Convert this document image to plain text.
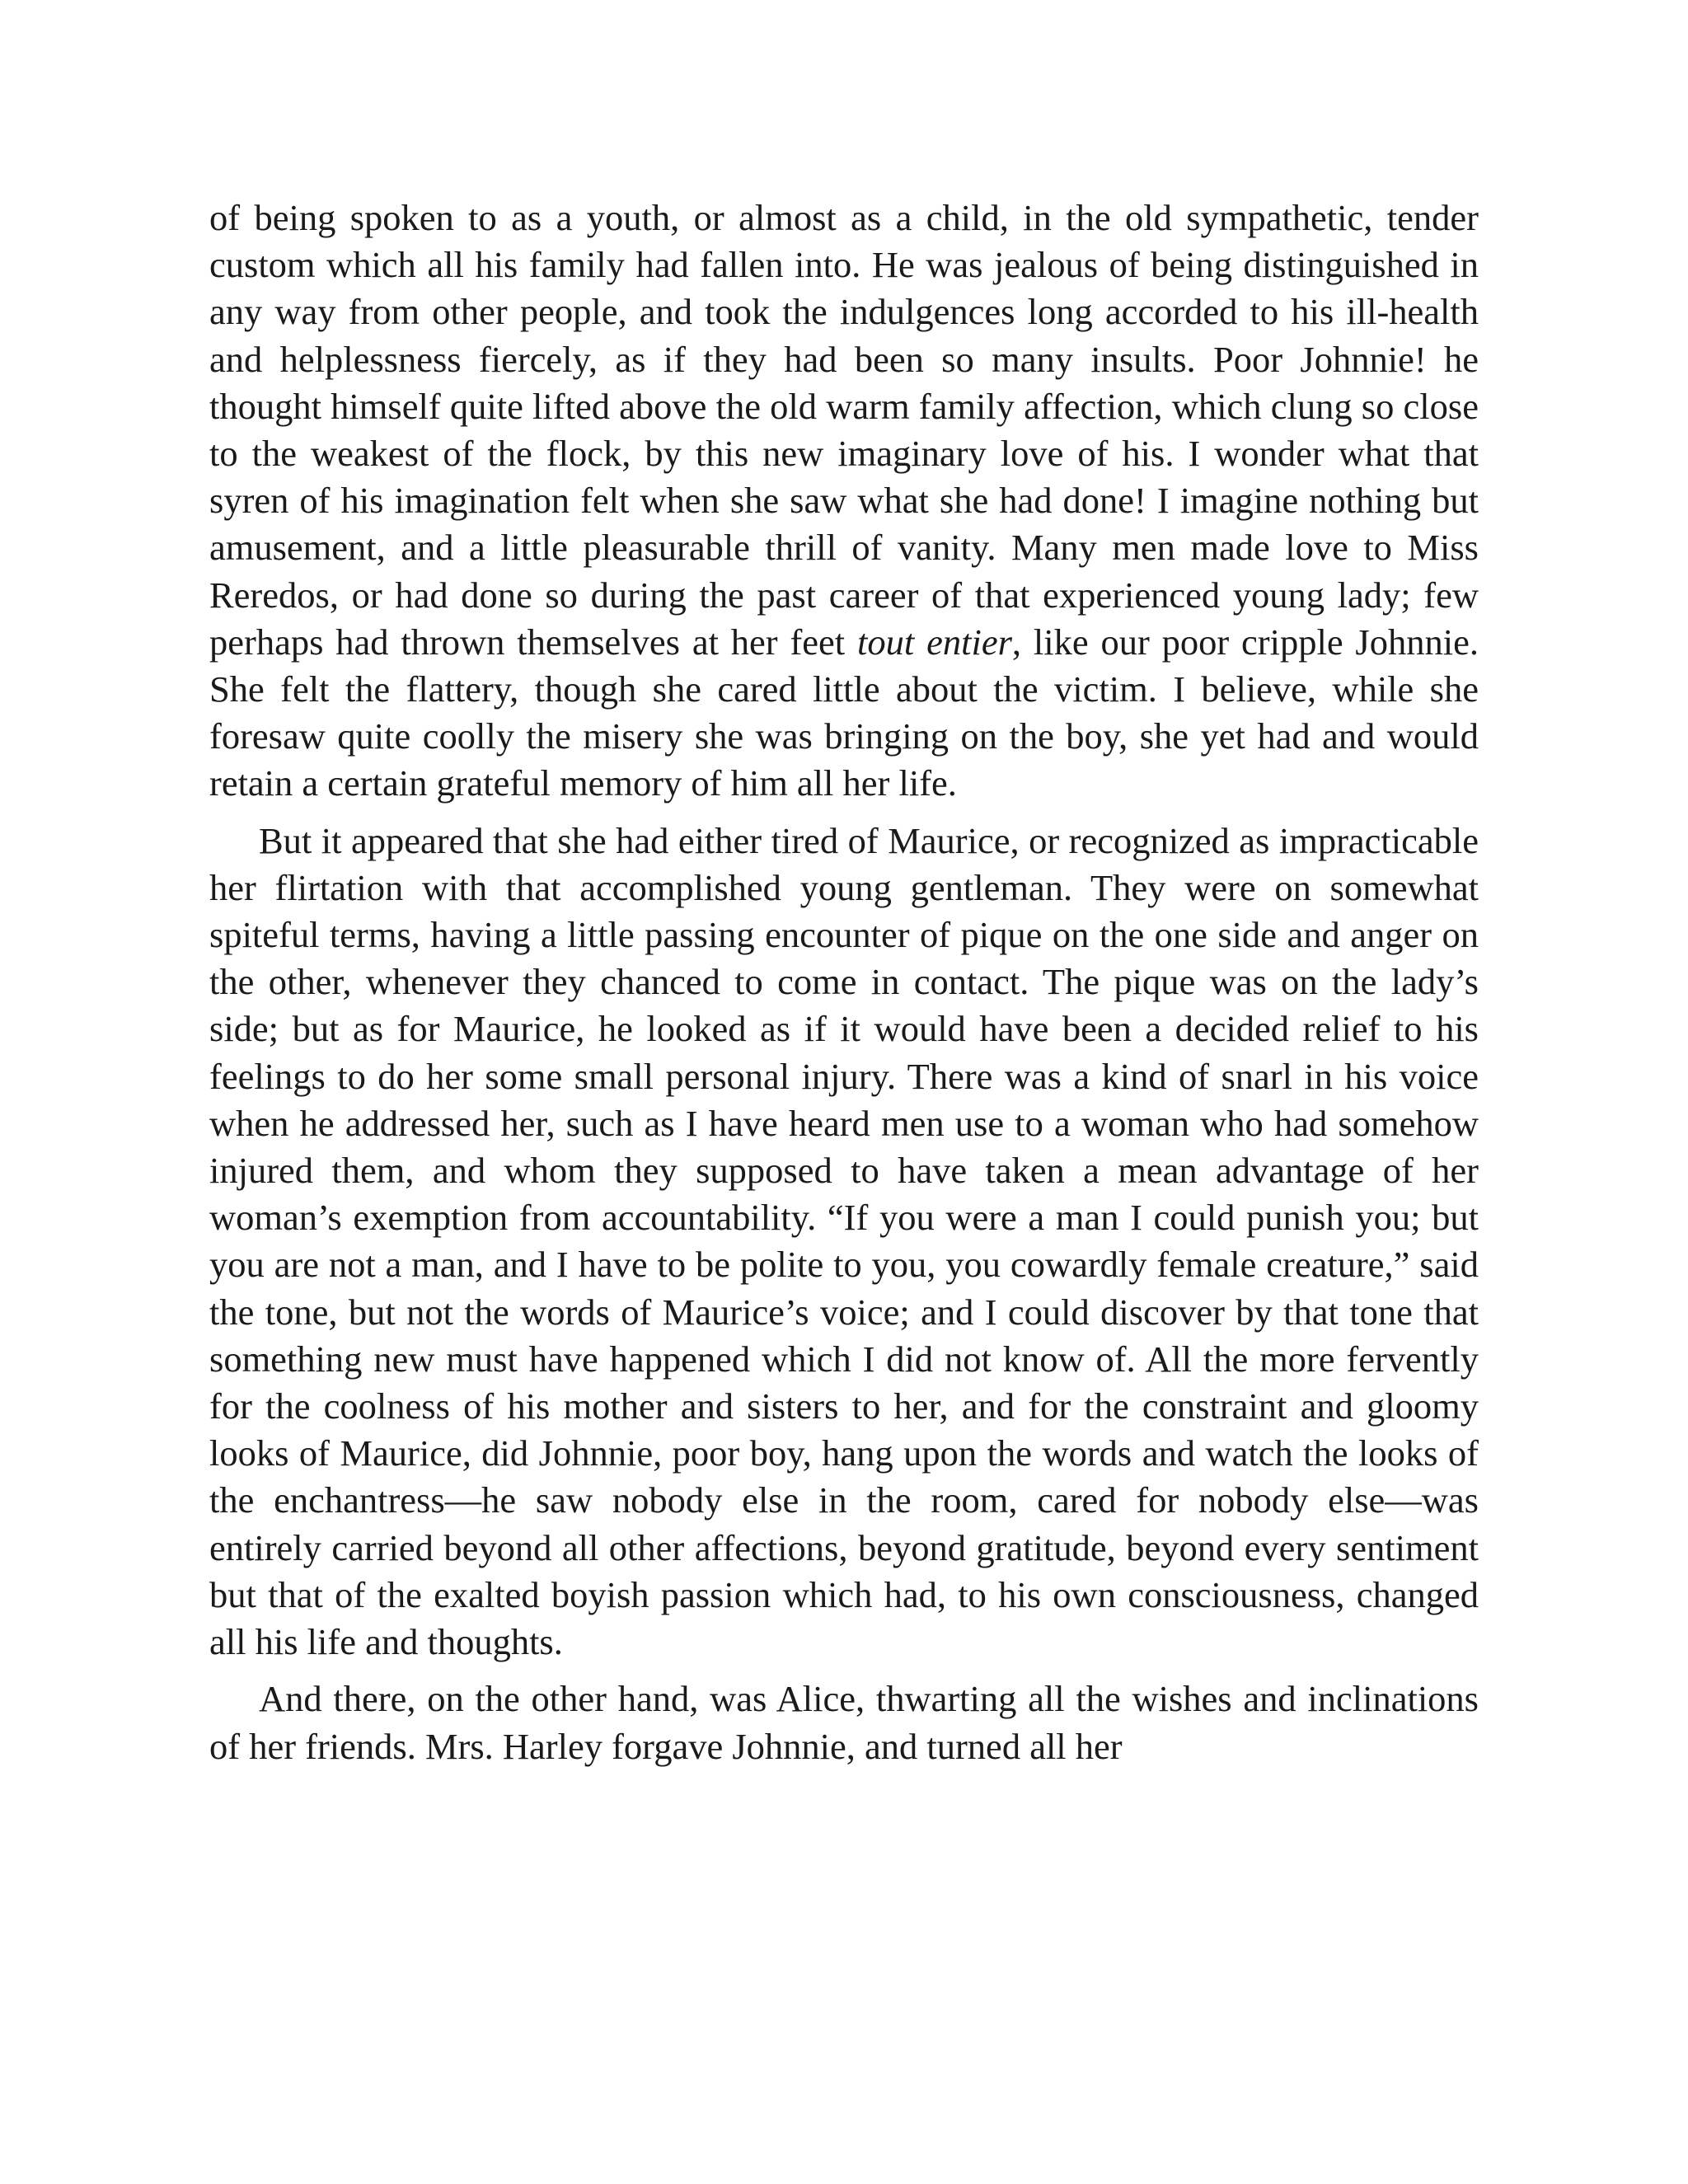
of being spoken to as a youth, or almost as a child, in the old sympathetic, tender custom which all his family had fallen into. He was jealous of being distinguished in any way from other people, and took the indulgences long accorded to his ill-health and helplessness fiercely, as if they had been so many insults. Poor Johnnie! he thought himself quite lifted above the old warm family affection, which clung so close to the weakest of the flock, by this new imaginary love of his. I wonder what that syren of his imagination felt when she saw what she had done! I imagine nothing but amusement, and a little pleasurable thrill of vanity. Many men made love to Miss Reredos, or had done so during the past career of that experienced young lady; few perhaps had thrown themselves at her feet tout entier, like our poor cripple Johnnie. She felt the flattery, though she cared little about the victim. I believe, while she foresaw quite coolly the misery she was bringing on the boy, she yet had and would retain a certain grateful memory of him all her life.

But it appeared that she had either tired of Maurice, or recognized as impracticable her flirtation with that accomplished young gentleman. They were on somewhat spiteful terms, having a little passing encounter of pique on the one side and anger on the other, whenever they chanced to come in contact. The pique was on the lady’s side; but as for Maurice, he looked as if it would have been a decided relief to his feelings to do her some small personal injury. There was a kind of snarl in his voice when he addressed her, such as I have heard men use to a woman who had somehow injured them, and whom they supposed to have taken a mean advantage of her woman’s exemption from accountability. “If you were a man I could punish you; but you are not a man, and I have to be polite to you, you cowardly female creature,” said the tone, but not the words of Maurice’s voice; and I could discover by that tone that something new must have happened which I did not know of. All the more fervently for the coolness of his mother and sisters to her, and for the constraint and gloomy looks of Maurice, did Johnnie, poor boy, hang upon the words and watch the looks of the enchantress—he saw nobody else in the room, cared for nobody else—was entirely carried beyond all other affections, beyond gratitude, beyond every sentiment but that of the exalted boyish passion which had, to his own consciousness, changed all his life and thoughts.

And there, on the other hand, was Alice, thwarting all the wishes and inclinations of her friends. Mrs. Harley forgave Johnnie, and turned all her
